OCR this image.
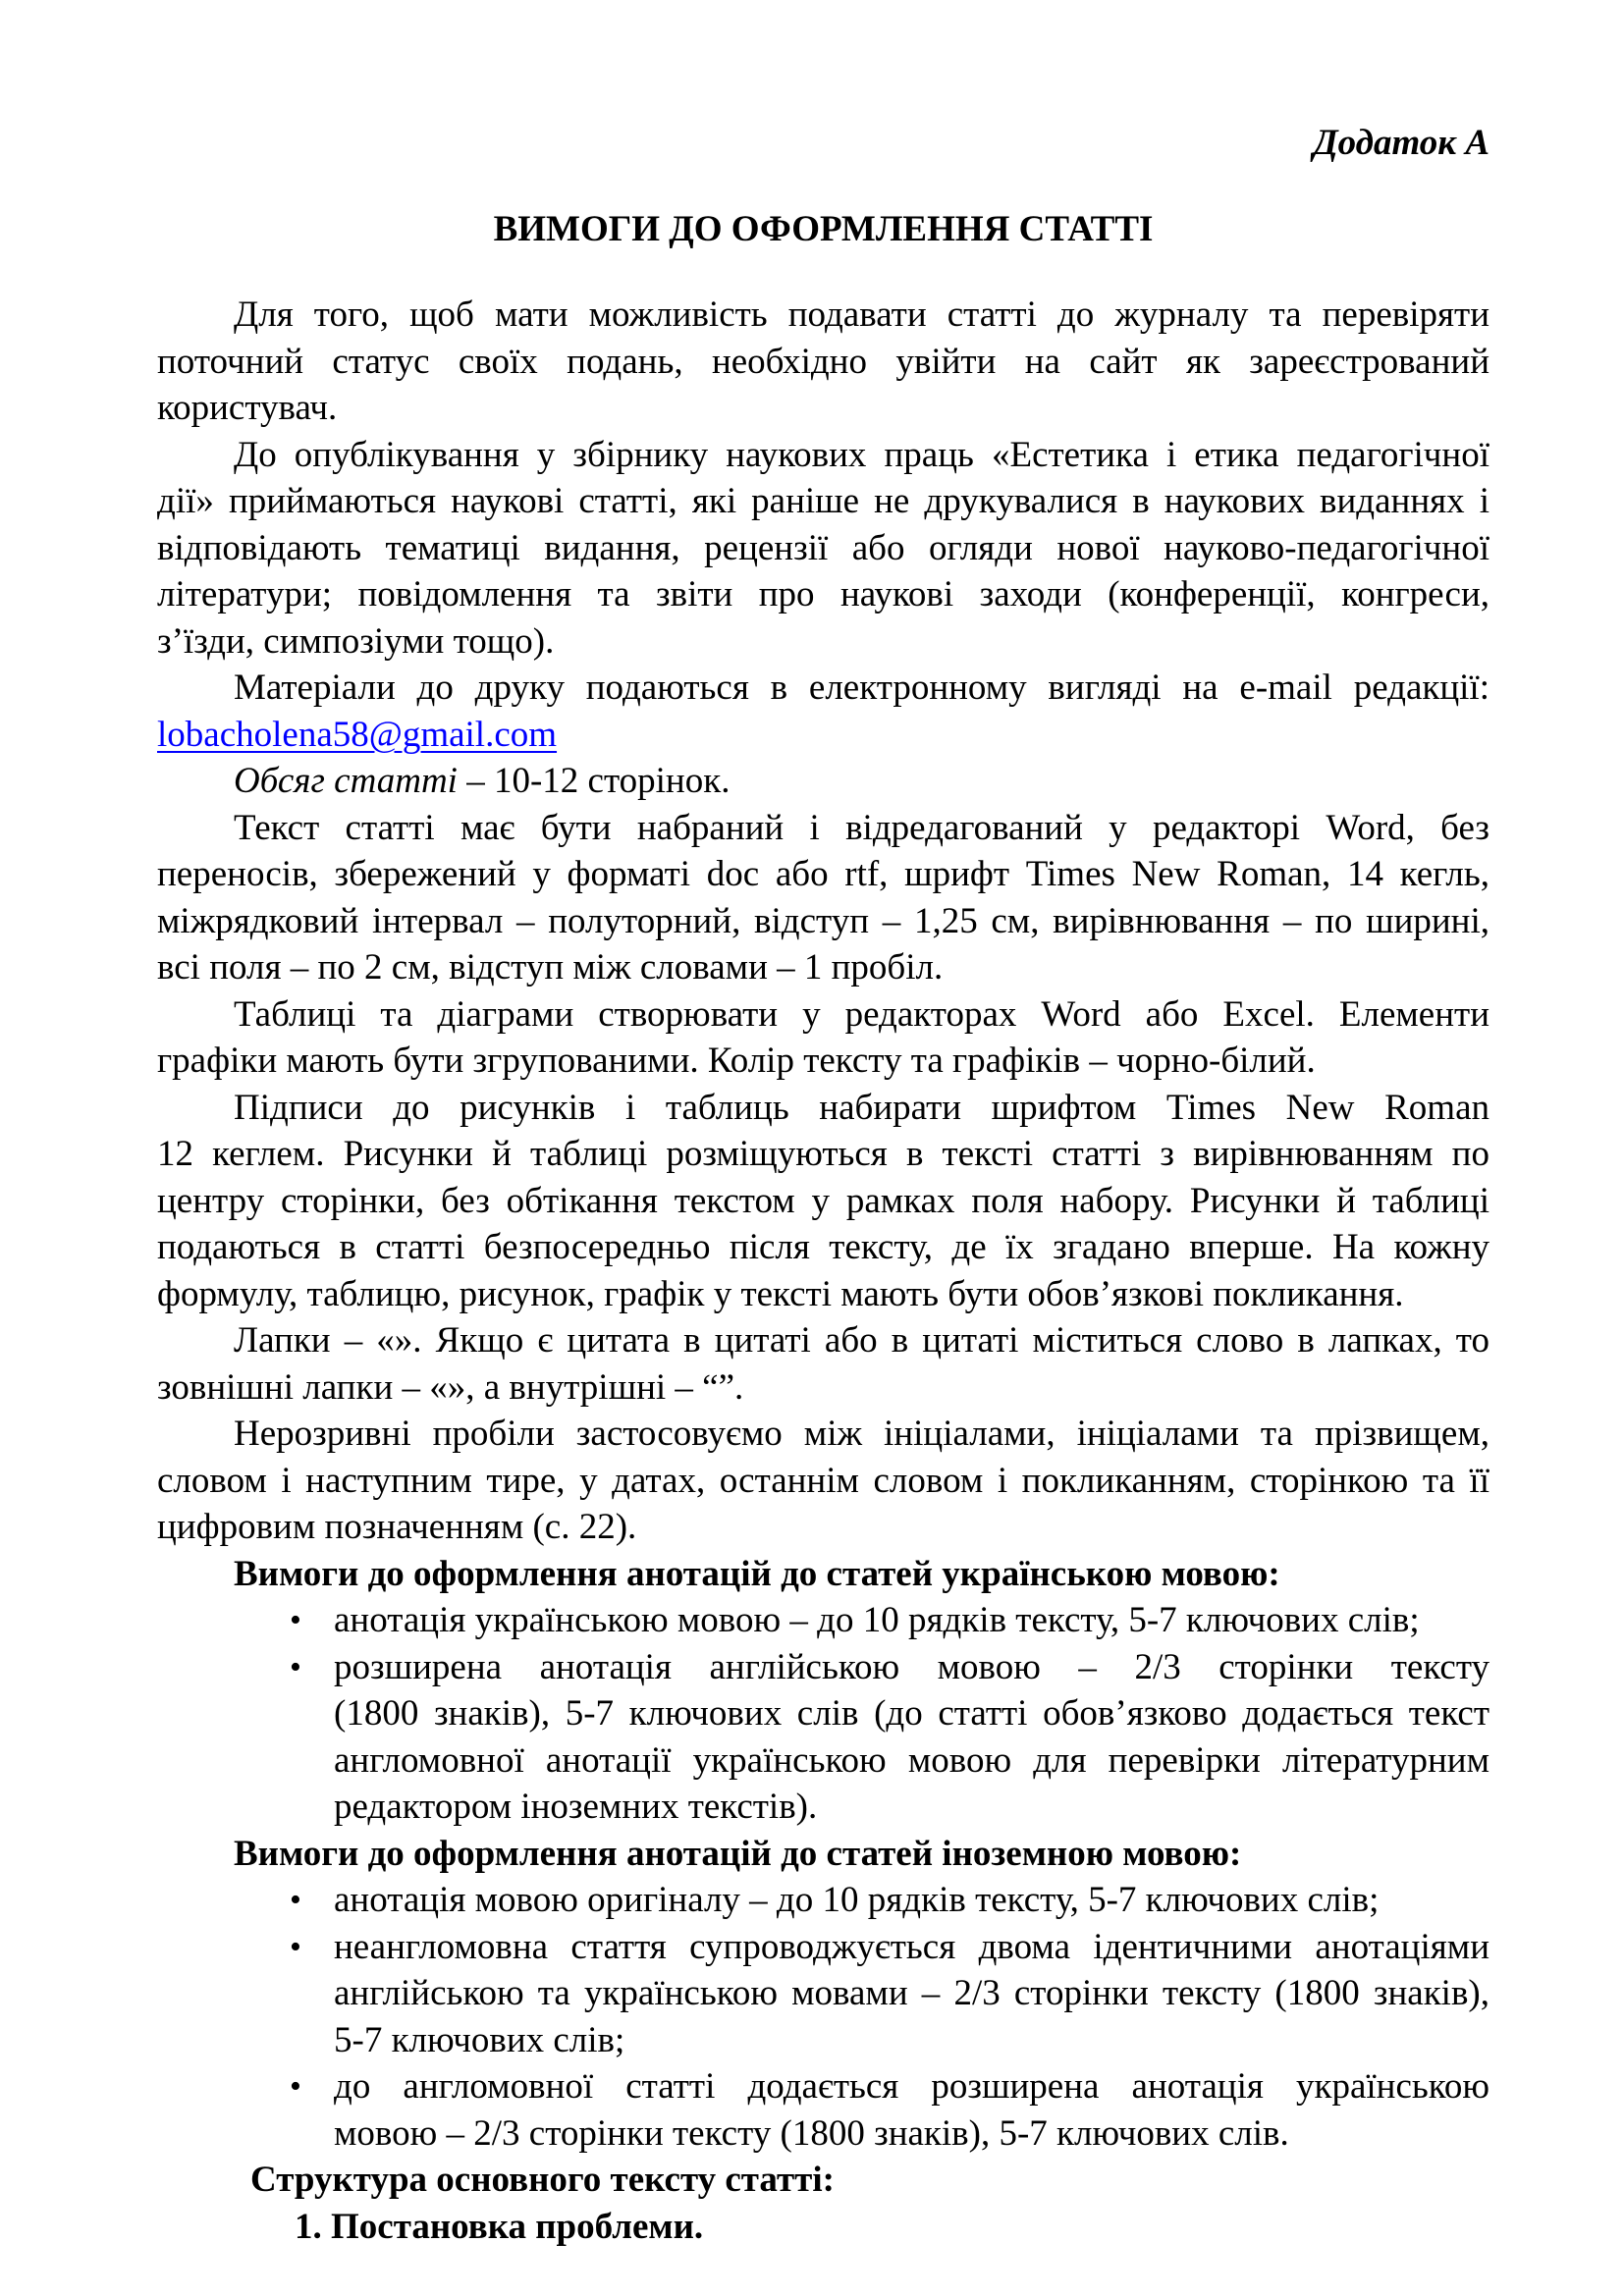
Додаток А
ВИМОГИ ДО ОФОРМЛЕННЯ СТАТТІ
Для того, щоб мати можливість подавати статті до журналу та перевіряти
поточний статус своїх подань, необхідно увійти на сайт як зареєстрований
користувач.
До опублікування у збірнику наукових праць «Естетика і етика педагогічної
дії» приймаються наукові статті, які раніше не друкувалися в наукових виданнях і
відповідають тематиці видання, рецензії або огляди нової науково-педагогічної
літератури; повідомлення та звіти про наукові заходи (конференції, конгреси,
з’їзди, симпозіуми тощо).
Матеріали до друку подаються в електронному вигляді на e-mail редакції:
lobacholena58@gmail.com
Обсяг статті – 10-12 сторінок.
Текст статті має бути набраний і відредагований у редакторі Word, без
переносів, збережений у форматі doc або rtf, шрифт Times New Roman, 14 кегль,
міжрядковий інтервал – полуторний, відступ – 1,25 см, вирівнювання – по ширині,
всі поля – по 2 см, відступ між словами – 1 пробіл.
Таблиці та діаграми створювати у редакторах Word або Excel. Елементи
графіки мають бути згрупованими. Колір тексту та графіків – чорно-білий.
Підписи до рисунків і таблиць набирати шрифтом Times New Roman
12 кеглем. Рисунки й таблиці розміщуються в тексті статті з вирівнюванням по
центру сторінки, без обтікання текстом у рамках поля набору. Рисунки й таблиці
подаються в статті безпосередньо після тексту, де їх згадано вперше. На кожну
формулу, таблицю, рисунок, графік у тексті мають бути обов’язкові покликання.
Лапки – «». Якщо є цитата в цитаті або в цитаті міститься слово в лапках, то
зовнішні лапки – «», а внутрішні – “”.
Нерозривні пробіли застосовуємо між ініціалами, ініціалами та прізвищем,
словом і наступним тире, у датах, останнім словом і покликанням, сторінкою та її
цифровим позначенням (с. 22).
Вимоги до оформлення анотацій до статей українською мовою:
• анотація українською мовою – до 10 рядків тексту, 5-7 ключових слів;
• розширена анотація англійською мовою – 2/3 сторінки тексту
(1800 знаків), 5-7 ключових слів (до статті обов’язково додається текст
англомовної анотації українською мовою для перевірки літературним
редактором іноземних текстів).
Вимоги до оформлення анотацій до статей іноземною мовою:
• анотація мовою оригіналу – до 10 рядків тексту, 5-7 ключових слів;
• неангломовна стаття супроводжується двома ідентичними анотаціями
англійською та українською мовами – 2/3 сторінки тексту (1800 знаків),
5-7 ключових слів;
• до англомовної статті додається розширена анотація українською
мовою – 2/3 сторінки тексту (1800 знаків), 5-7 ключових слів.
Структура основного тексту статті:
1. Постановка проблеми.
